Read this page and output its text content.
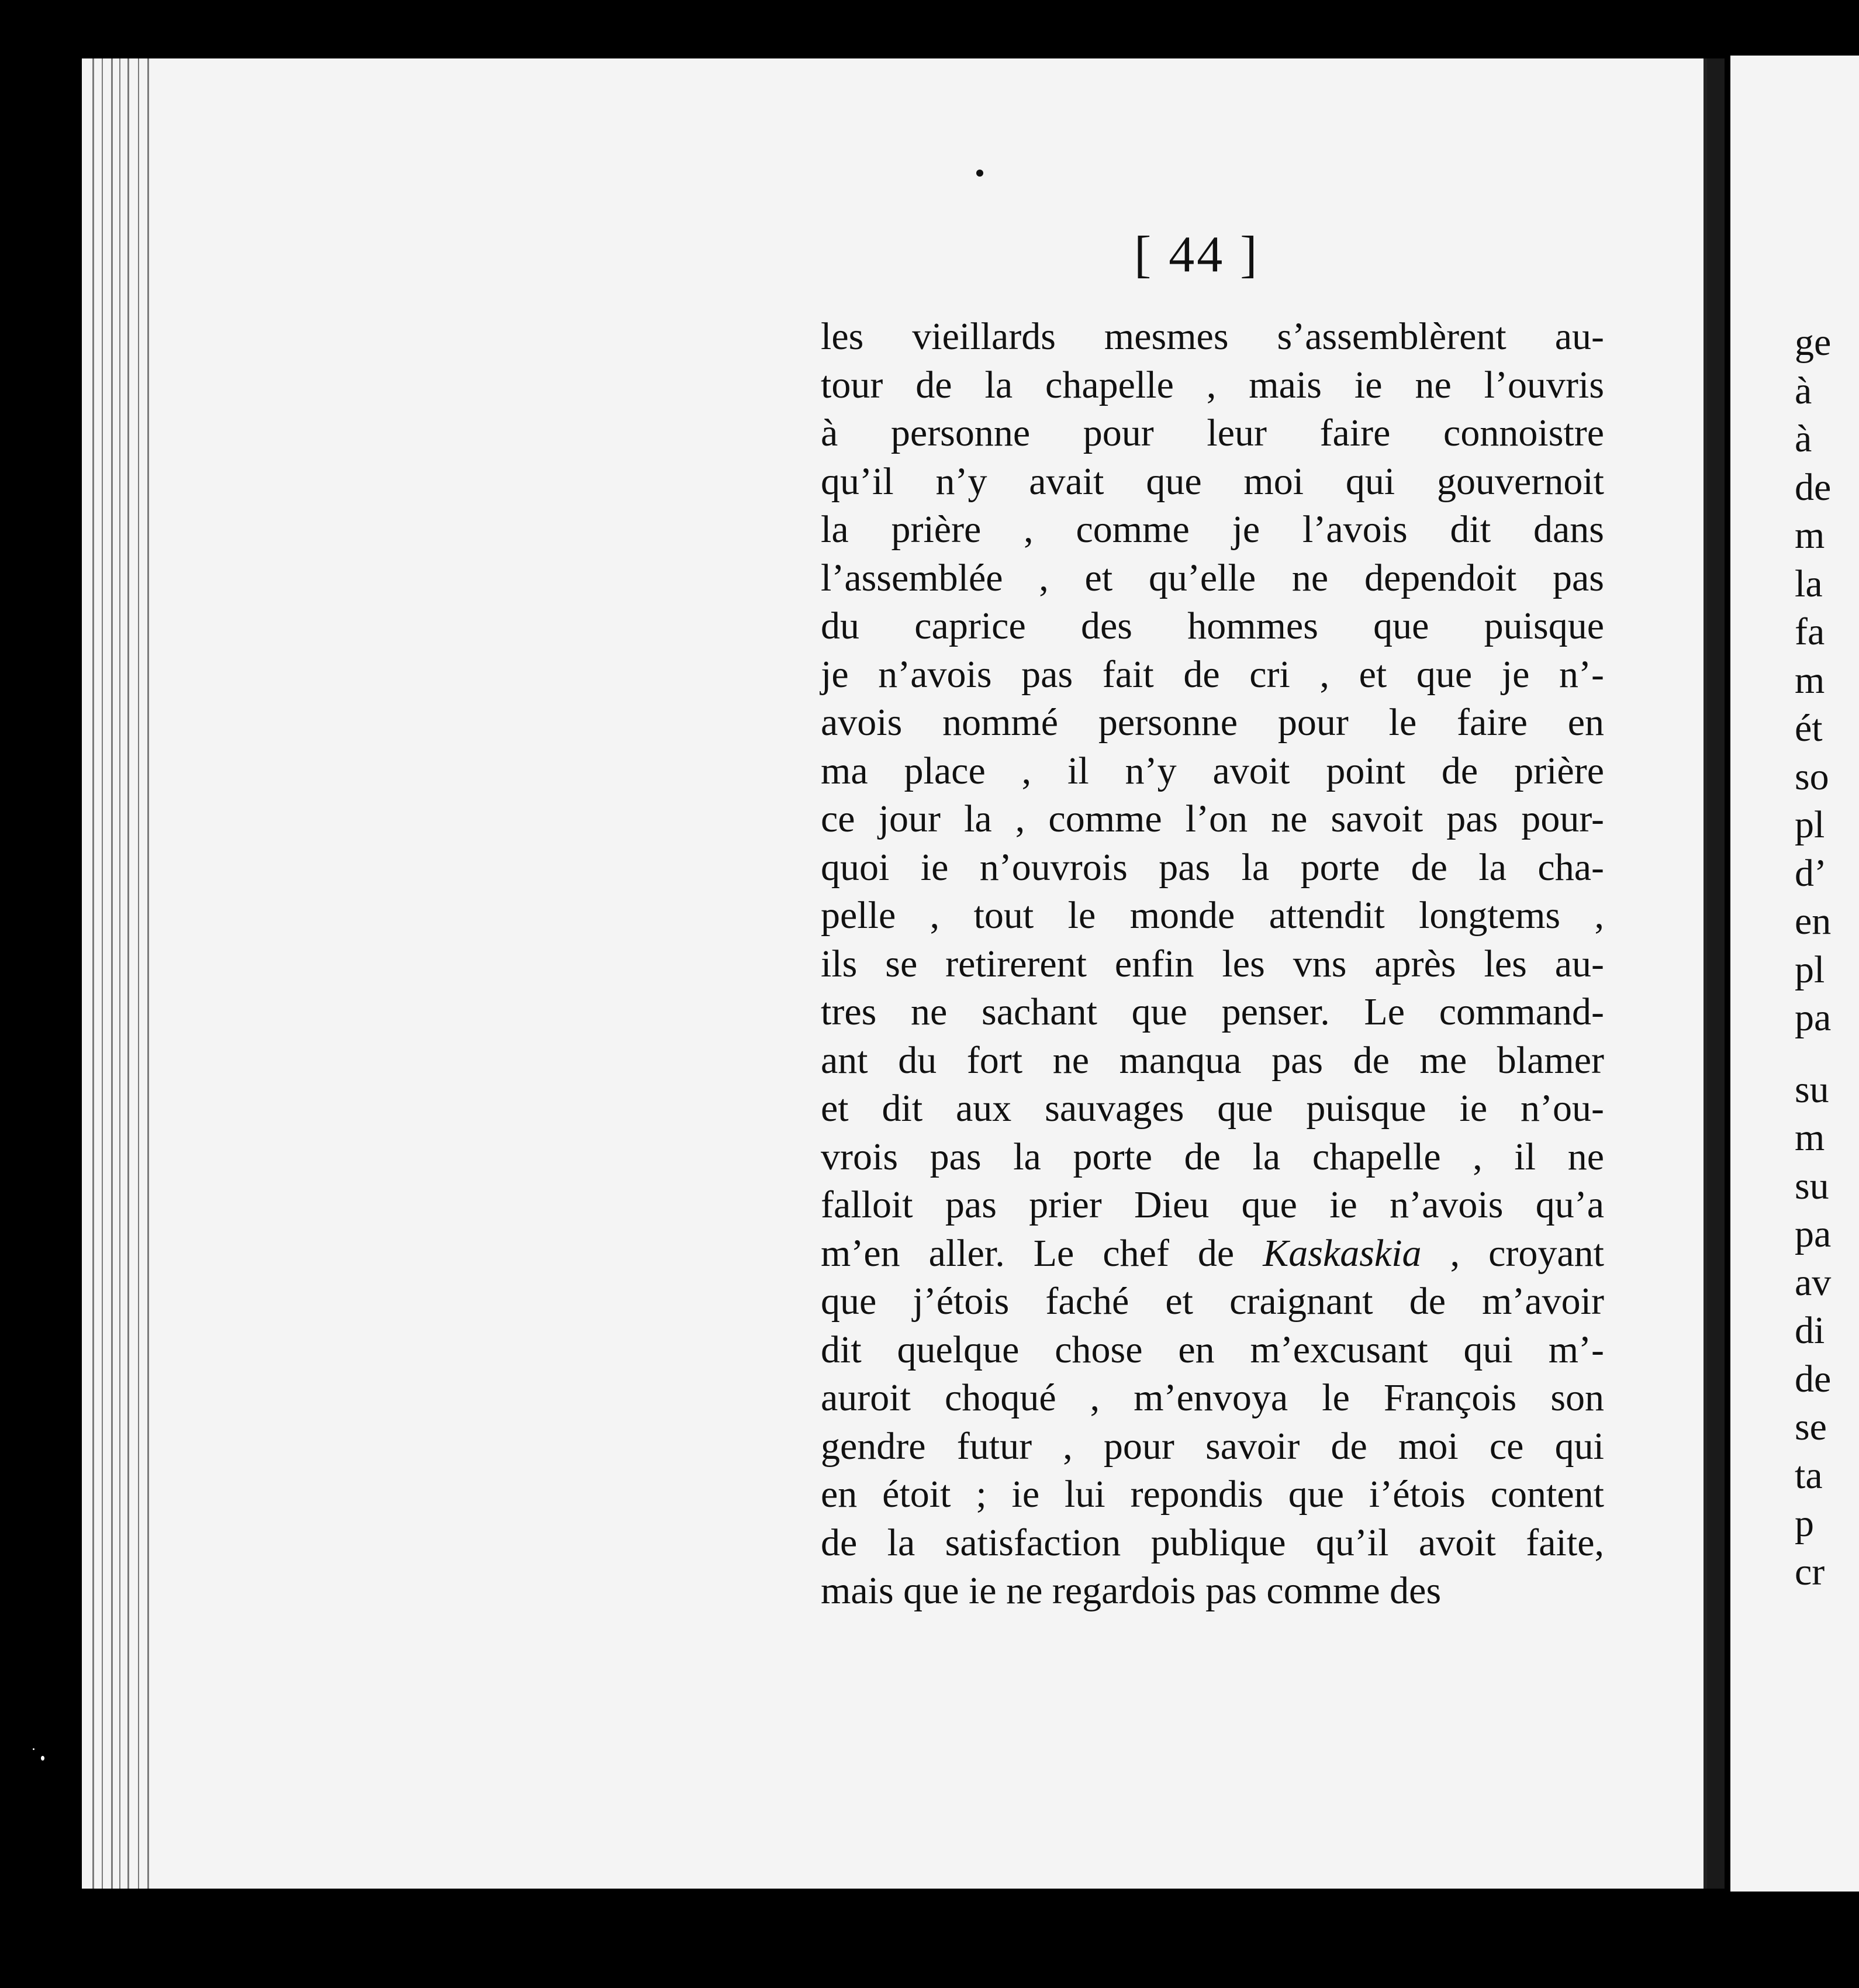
ge
à
à
de
m
la
fa
m
ét
so
pl
d’
en
pl
pa
su
m
su
pa
av
di
de
se
ta
p
cr
[ 44 ]
les vieillards mesmes s’assemblèrent au-
tour de la chapelle , mais ie ne l’ouvris
à personne pour leur faire connoistre
qu’il n’y avait que moi qui gouvernoit
la prière , comme je l’avois dit dans
l’assemblée , et qu’elle ne dependoit pas
du caprice des hommes que puisque
je n’avois pas fait de cri , et que je n’-
avois nommé personne pour le faire en
ma place , il n’y avoit point de prière
ce jour la , comme l’on ne savoit pas pour-
quoi ie n’ouvrois pas la porte de la cha-
pelle , tout le monde attendit longtems ,
ils se retirerent enfin les vns après les au-
tres ne sachant que penser. Le command-
ant du fort ne manqua pas de me blamer
et dit aux sauvages que puisque ie n’ou-
vrois pas la porte de la chapelle , il ne
falloit pas prier Dieu que ie n’avois qu’a
m’en aller. Le chef de Kaskaskia , croyant
que j’étois faché et craignant de m’avoir
dit quelque chose en m’excusant qui m’-
auroit choqué , m’envoya le François son
gendre futur , pour savoir de moi ce qui
en étoit ; ie lui repondis que i’étois content
de la satisfaction publique qu’il avoit faite,
mais que ie ne regardois pas comme des
